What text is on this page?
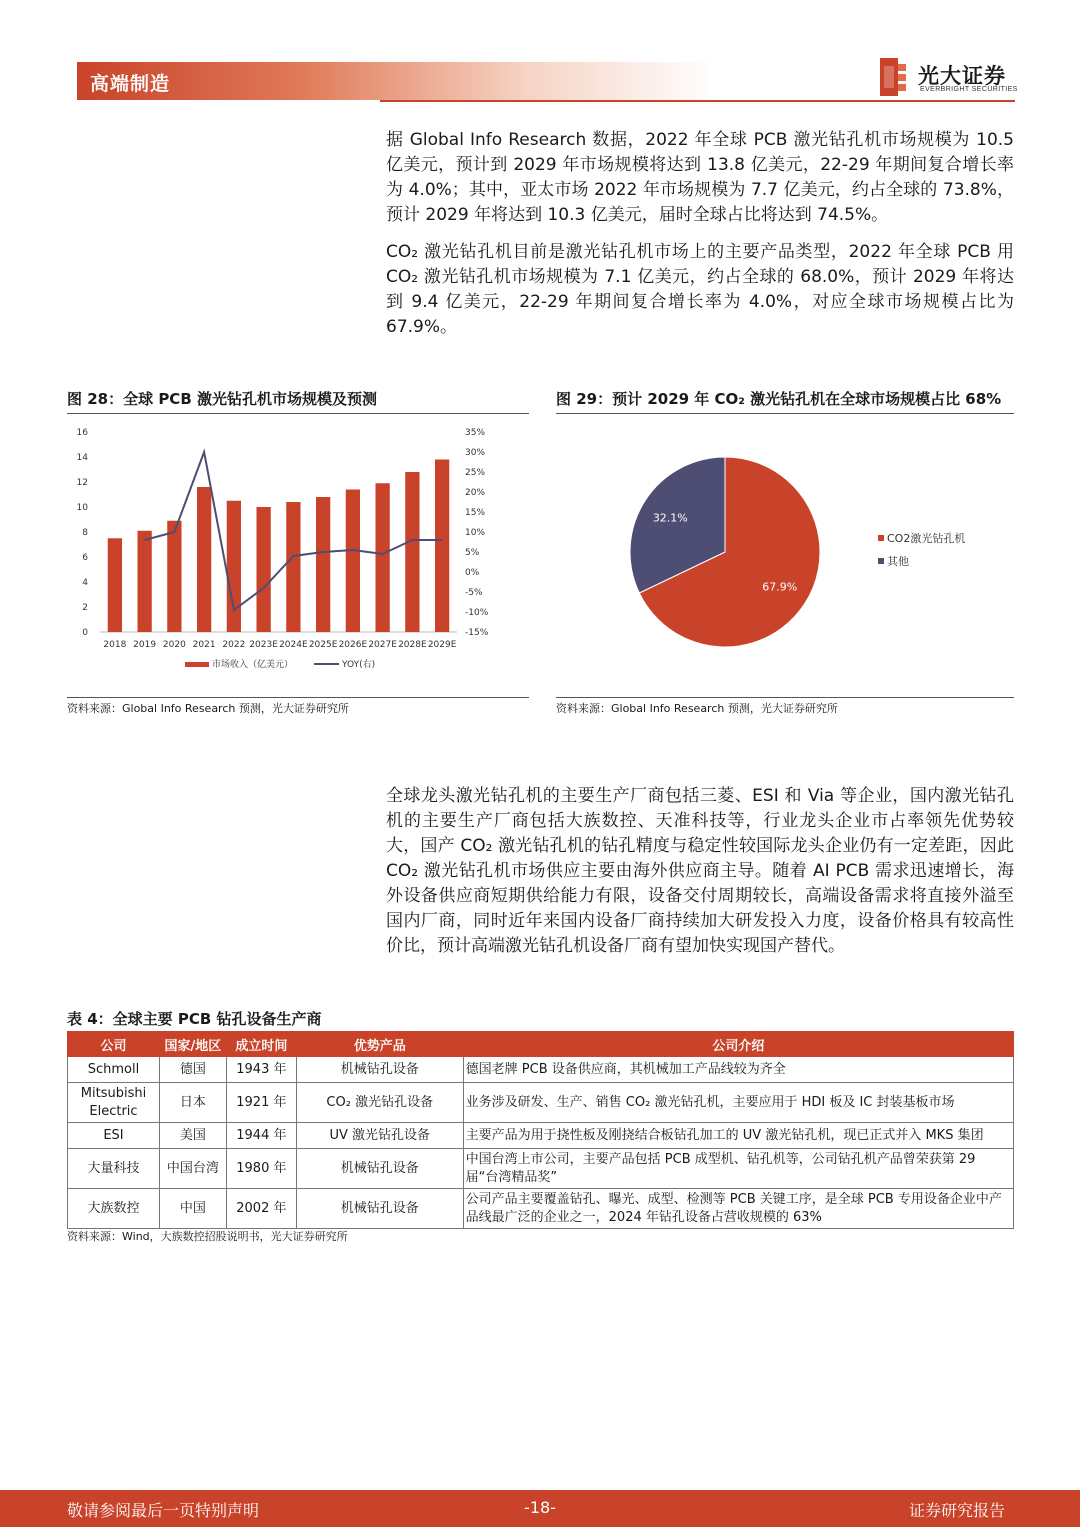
高端制造	光大证券
EVERBRIGHT SECURITIES
据 Global Info Research 数据，2022 年全球 PCB 激光钻孔机市场规模为 10.5 亿美元，预计到 2029 年市场规模将达到 13.8 亿美元，22-29 年期间复合增长率为 4.0%；其中，亚太市场 2022 年市场规模为 7.7 亿美元，约占全球的 73.8%，预计 2029 年将达到 10.3 亿美元，届时全球占比将达到 74.5%。
CO₂ 激光钻孔机目前是激光钻孔机市场上的主要产品类型，2022 年全球 PCB 用 CO₂ 激光钻孔机市场规模为 7.1 亿美元，约占全球的 68.0%，预计 2029 年将达到 9.4 亿美元，22-29 年期间复合增长率为 4.0%，对应全球市场规模占比为 67.9%。
图 28：全球 PCB 激光钻孔机市场规模及预测
0
2
4
6
8
10
12
14
16
-15%
-10%
-5%
0%
5%
10%
15%
20%
25%
30%
35%
2018 2019 2020 2021 2022 2023E 2024E 2025E 2026E 2027E 2028E 2029E
市场收入（亿美元）	YOY(右)
资料来源：Global Info Research 预测，光大证券研究所
图 29：预计 2029 年 CO₂ 激光钻孔机在全球市场规模占比 68%
67.9%
32.1%
CO2激光钻孔机
其他
资料来源：Global Info Research 预测，光大证券研究所
全球龙头激光钻孔机的主要生产厂商包括三菱、ESI 和 Via 等企业，国内激光钻孔机的主要生产厂商包括大族数控、天准科技等，行业龙头企业市占率领先优势较大，国产 CO₂ 激光钻孔机的钻孔精度与稳定性较国际龙头企业仍有一定差距，因此 CO₂ 激光钻孔机市场供应主要由海外供应商主导。随着 AI PCB 需求迅速增长，海外设备供应商短期供给能力有限，设备交付周期较长，高端设备需求将直接外溢至国内厂商，同时近年来国内设备厂商持续加大研发投入力度，设备价格具有较高性价比，预计高端激光钻孔机设备厂商有望加快实现国产替代。
表 4：全球主要 PCB 钻孔设备生产商
公司	国家/地区	成立时间	优势产品	公司介绍
Schmoll	德国	1943 年	机械钻孔设备	德国老牌 PCB 设备供应商，其机械加工产品线较为齐全
Mitsubishi Electric	日本	1921 年	CO₂ 激光钻孔设备	业务涉及研发、生产、销售 CO₂ 激光钻孔机，主要应用于 HDI 板及 IC 封装基板市场
ESI	美国	1944 年	UV 激光钻孔设备	主要产品为用于挠性板及刚挠结合板钻孔加工的 UV 激光钻孔机，现已正式并入 MKS 集团
大量科技	中国台湾	1980 年	机械钻孔设备	中国台湾上市公司，主要产品包括 PCB 成型机、钻孔机等，公司钻孔机产品曾荣获第 29 届“台湾精品奖”
大族数控	中国	2002 年	机械钻孔设备	公司产品主要覆盖钻孔、曝光、成型、检测等 PCB 关键工序，是全球 PCB 专用设备企业中产品线最广泛的企业之一，2024 年钻孔设备占营收规模的 63%
资料来源：Wind，大族数控招股说明书，光大证券研究所
敬请参阅最后一页特别声明	-18-	证券研究报告
